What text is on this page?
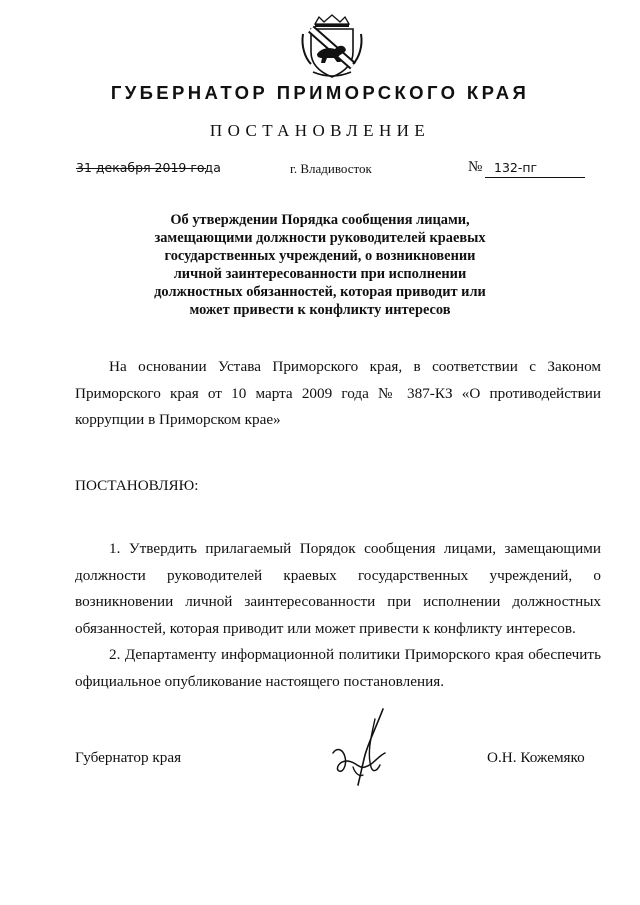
ГУБЕРНАТОР ПРИМОРСКОГО КРАЯ
ПОСТАНОВЛЕНИЕ
31 декабря 2019 года	г. Владивосток	№ 132-пг
Об утверждении Порядка сообщения лицами, замещающими должности руководителей краевых государственных учреждений, о возникновении личной заинтересованности при исполнении должностных обязанностей, которая приводит или может привести к конфликту интересов

На основании Устава Приморского края, в соответствии с Законом Приморского края от 10 марта 2009 года № 387-КЗ «О противодействии коррупции в Приморском крае»

ПОСТАНОВЛЯЮ:

1. Утвердить прилагаемый Порядок сообщения лицами, замещающими должности руководителей краевых государственных учреждений, о возникновении личной заинтересованности при исполнении должностных обязанностей, которая приводит или может привести к конфликту интересов.

2. Департаменту информационной политики Приморского края обеспечить официальное опубликование настоящего постановления.

Губернатор края	О.Н. Кожемяко
